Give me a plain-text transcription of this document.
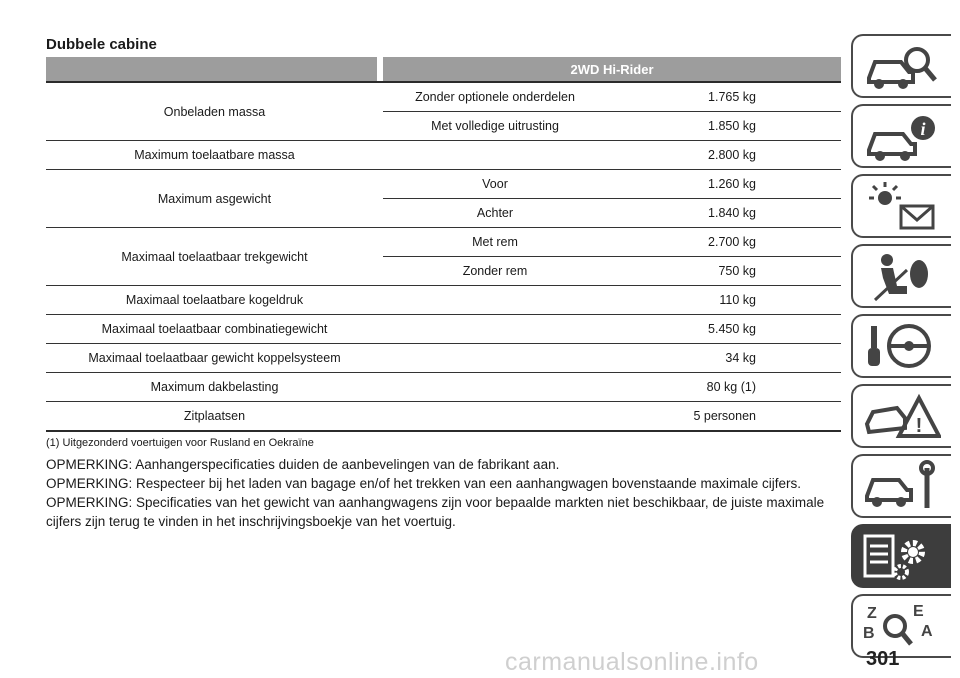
Dubbele cabine
2WD Hi-Rider
Onbeladen massa
Zonder optionele onderdelen	1.765 kg
Met volledige uitrusting	1.850 kg
Maximum toelaatbare massa	2.800 kg
Maximum asgewicht
Voor	1.260 kg
Achter	1.840 kg
Maximaal toelaatbaar trekgewicht
Met rem	2.700 kg
Zonder rem	750 kg
Maximaal toelaatbare kogeldruk	110 kg
Maximaal toelaatbaar combinatiegewicht	5.450 kg
Maximaal toelaatbaar gewicht koppelsysteem	34 kg
Maximum dakbelasting	80 kg (1)
Zitplaatsen	5 personen
(1) Uitgezonderd voertuigen voor Rusland en Oekraïne

OPMERKING: Aanhangerspecificaties duiden de aanbevelingen van de fabrikant aan.

OPMERKING: Respecteer bij het laden van bagage en/of het trekken van een aanhangwagen bovenstaande maximale cijfers.

OPMERKING: Specificaties van het gewicht van aanhangwagens zijn voor bepaalde markten niet beschikbaar, de juiste maximale cijfers zijn terug te vinden in het inschrijvingsboekje van het voertuig.

i
!
Z E
B	A
301
carmanualsonline.info
